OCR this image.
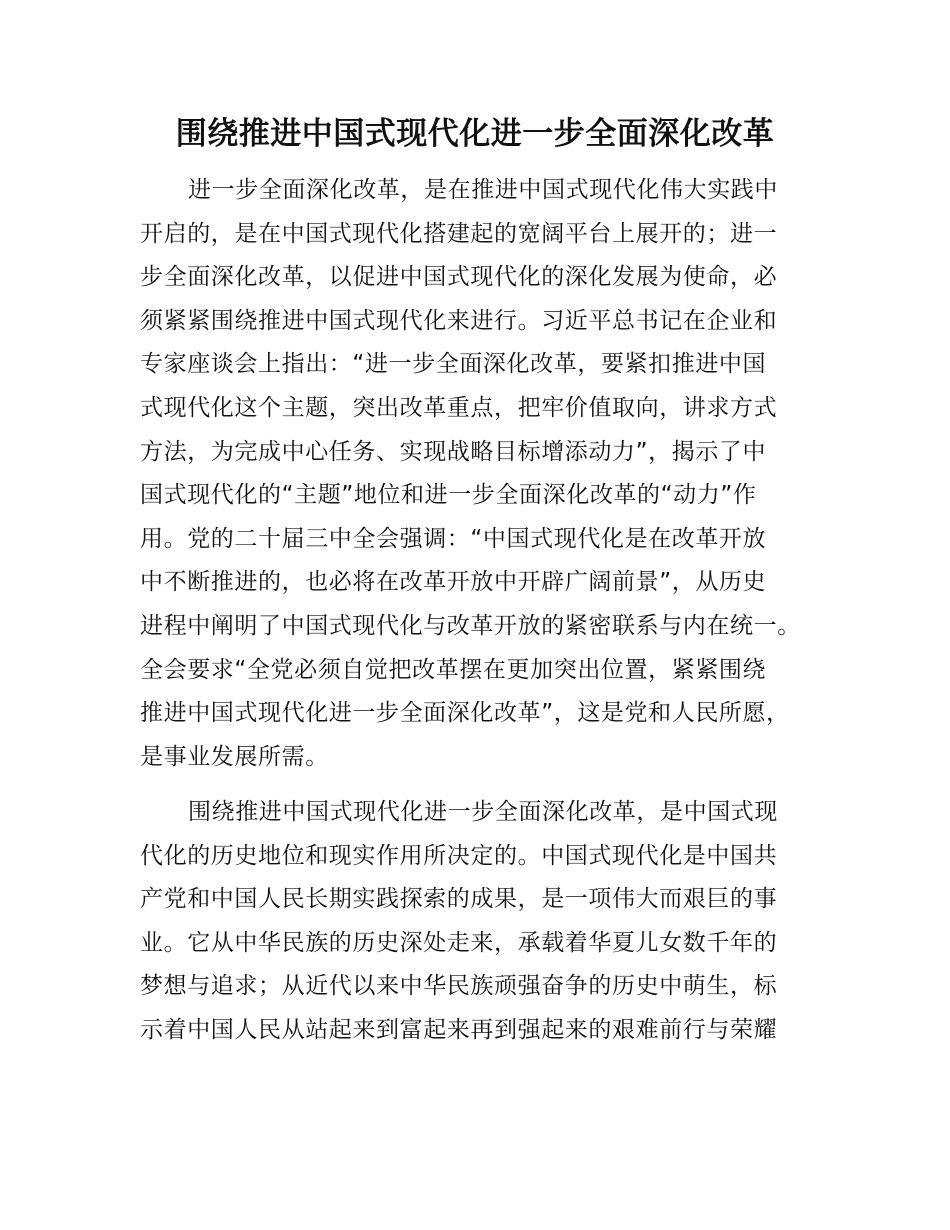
围绕推进中国式现代化进一步全面深化改革
进一步全面深化改革，是在推进中国式现代化伟大实践中
开启的，是在中国式现代化搭建起的宽阔平台上展开的；进一
步全面深化改革，以促进中国式现代化的深化发展为使命，必
须紧紧围绕推进中国式现代化来进行。习近平总书记在企业和
专家座谈会上指出：“进一步全面深化改革，要紧扣推进中国
式现代化这个主题，突出改革重点，把牢价值取向，讲求方式
方法，为完成中心任务、实现战略目标增添动力”，揭示了中
国式现代化的“主题”地位和进一步全面深化改革的“动力”作
用。党的二十届三中全会强调：“中国式现代化是在改革开放
中不断推进的，也必将在改革开放中开辟广阔前景”，从历史
进程中阐明了中国式现代化与改革开放的紧密联系与内在统一。
全会要求“全党必须自觉把改革摆在更加突出位置，紧紧围绕
推进中国式现代化进一步全面深化改革”，这是党和人民所愿，
是事业发展所需。
围绕推进中国式现代化进一步全面深化改革，是中国式现
代化的历史地位和现实作用所决定的。中国式现代化是中国共
产党和中国人民长期实践探索的成果，是一项伟大而艰巨的事
业。它从中华民族的历史深处走来，承载着华夏儿女数千年的
梦想与追求；从近代以来中华民族顽强奋争的历史中萌生，标
示着中国人民从站起来到富起来再到强起来的艰难前行与荣耀
